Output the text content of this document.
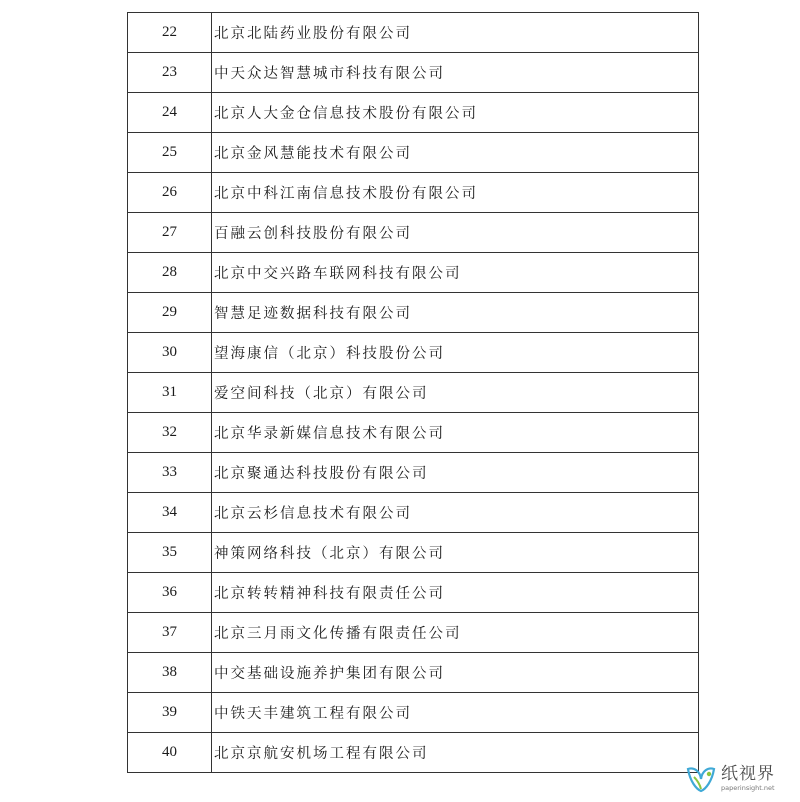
22	北京北陆药业股份有限公司
23	中天众达智慧城市科技有限公司
24	北京人大金仓信息技术股份有限公司
25	北京金风慧能技术有限公司
26	北京中科江南信息技术股份有限公司
27	百融云创科技股份有限公司
28	北京中交兴路车联网科技有限公司
29	智慧足迹数据科技有限公司
30	望海康信（北京）科技股份公司
31	爱空间科技（北京）有限公司
32	北京华录新媒信息技术有限公司
33	北京聚通达科技股份有限公司
34	北京云杉信息技术有限公司
35	神策网络科技（北京）有限公司
36	北京转转精神科技有限责任公司
37	北京三月雨文化传播有限责任公司
38	中交基础设施养护集团有限公司
39	中铁天丰建筑工程有限公司
40	北京京航安机场工程有限公司
纸视界
paperinsight.net
